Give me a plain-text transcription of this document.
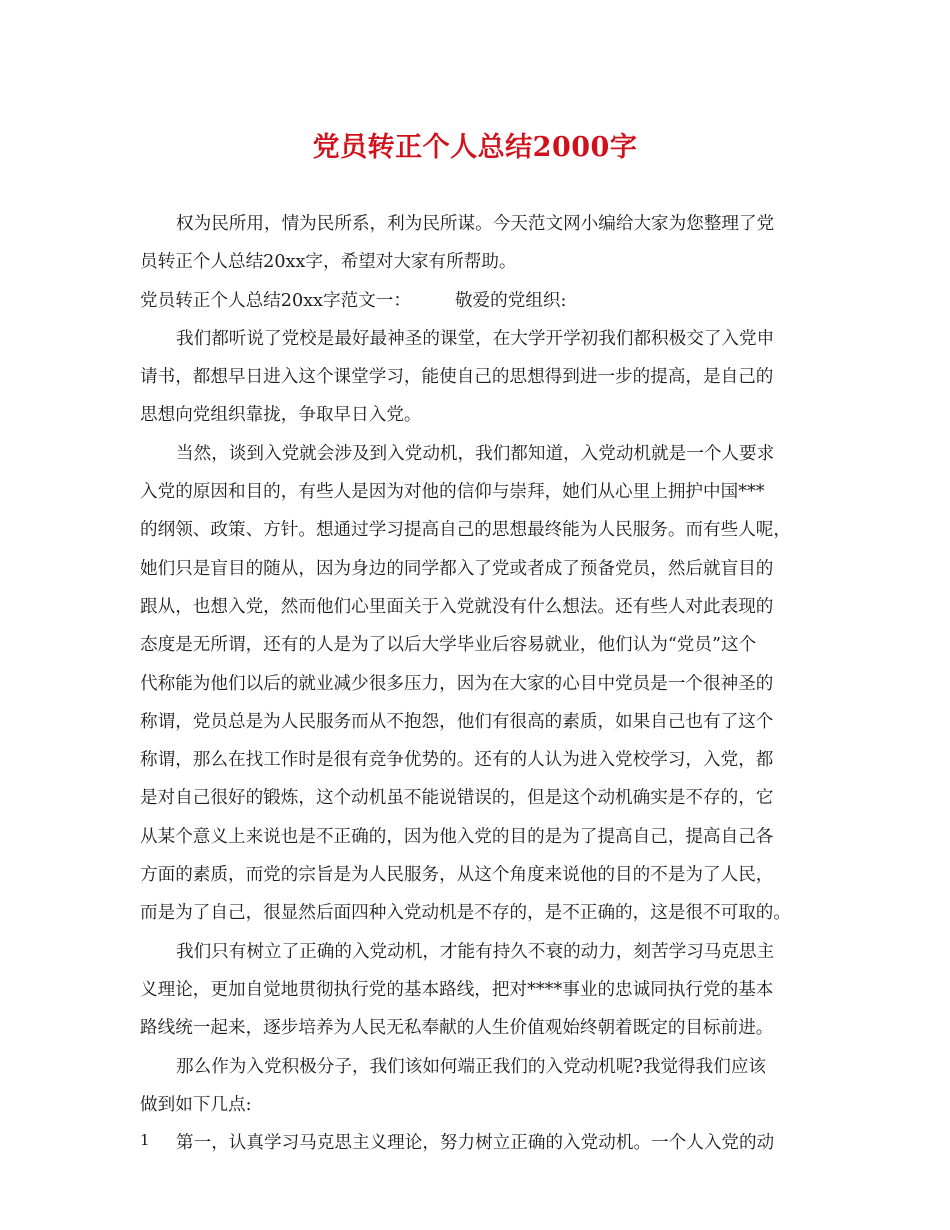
党员转正个人总结2000字
权为民所用，情为民所系，利为民所谋。今天范文网小编给大家为您整理了党
员转正个人总结20xx字，希望对大家有所帮助。
党员转正个人总结20xx字范文一：	敬爱的党组织:
我们都听说了党校是最好最神圣的课堂，在大学开学初我们都积极交了入党申
请书，都想早日进入这个课堂学习，能使自己的思想得到进一步的提高，是自己的
思想向党组织靠拢，争取早日入党。
当然，谈到入党就会涉及到入党动机，我们都知道，入党动机就是一个人要求
入党的原因和目的，有些人是因为对他的信仰与崇拜，她们从心里上拥护中国***
的纲领、政策、方针。想通过学习提高自己的思想最终能为人民服务。而有些人呢，
她们只是盲目的随从，因为身边的同学都入了党或者成了预备党员，然后就盲目的
跟从，也想入党，然而他们心里面关于入党就没有什么想法。还有些人对此表现的
态度是无所谓，还有的人是为了以后大学毕业后容易就业，他们认为“党员”这个
代称能为他们以后的就业减少很多压力，因为在大家的心目中党员是一个很神圣的
称谓，党员总是为人民服务而从不抱怨，他们有很高的素质，如果自己也有了这个
称谓，那么在找工作时是很有竞争优势的。还有的人认为进入党校学习，入党，都
是对自己很好的锻炼，这个动机虽不能说错误的，但是这个动机确实是不存的，它
从某个意义上来说也是不正确的，因为他入党的目的是为了提高自己，提高自己各
方面的素质，而党的宗旨是为人民服务，从这个角度来说他的目的不是为了人民，
而是为了自己，很显然后面四种入党动机是不存的，是不正确的，这是很不可取的。
我们只有树立了正确的入党动机，才能有持久不衰的动力，刻苦学习马克思主
义理论，更加自觉地贯彻执行党的基本路线，把对****事业的忠诚同执行党的基本
路线统一起来，逐步培养为人民无私奉献的人生价值观始终朝着既定的目标前进。
那么作为入党积极分子，我们该如何端正我们的入党动机呢?我觉得我们应该
做到如下几点:
第一，认真学习马克思主义理论，努力树立正确的入党动机。一个人入党的动
1
